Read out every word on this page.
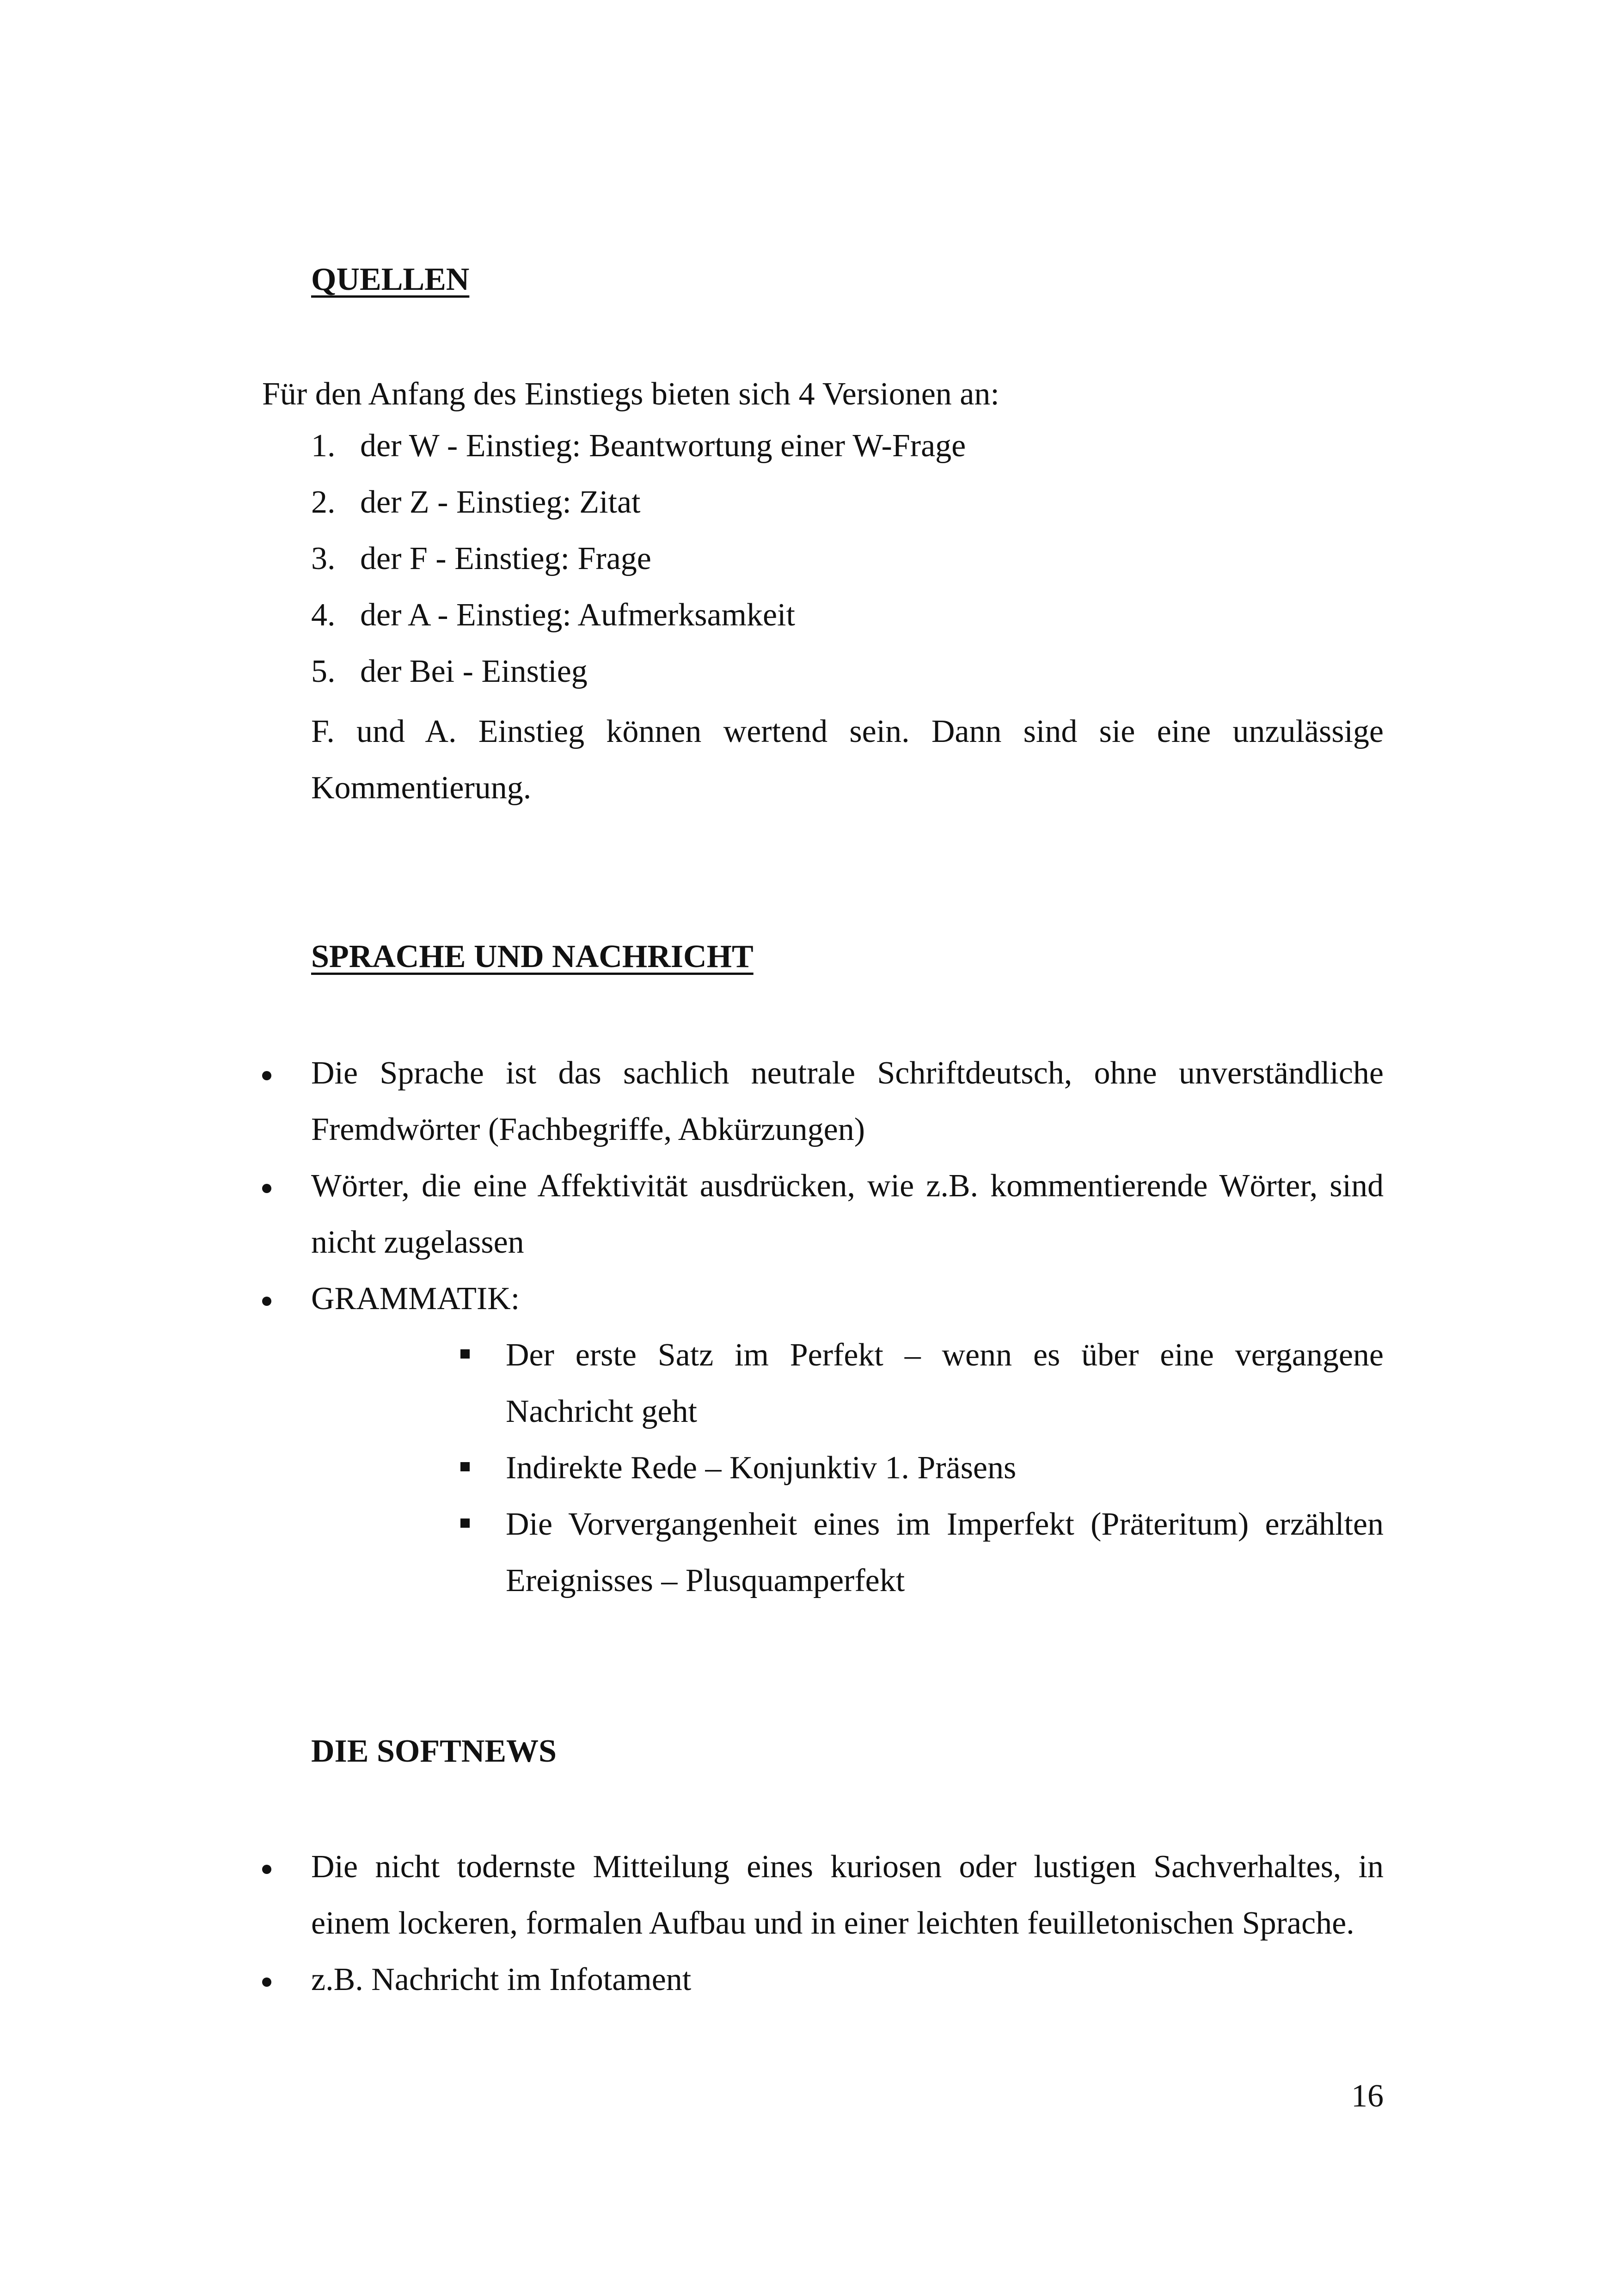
QUELLEN
Für den Anfang des Einstiegs bieten sich 4 Versionen an:
1. der W - Einstieg: Beantwortung einer W-Frage
2. der Z - Einstieg: Zitat
3. der F - Einstieg: Frage
4. der A - Einstieg: Aufmerksamkeit
5. der Bei - Einstieg
F. und A. Einstieg können wertend sein. Dann sind sie eine unzulässige
Kommentierung.
SPRACHE UND NACHRICHT
Die Sprache ist das sachlich neutrale Schriftdeutsch, ohne unverständliche
Fremdwörter (Fachbegriffe, Abkürzungen)
Wörter, die eine Affektivität ausdrücken, wie z.B. kommentierende Wörter, sind
nicht zugelassen
GRAMMATIK:
Der erste Satz im Perfekt – wenn es über eine vergangene
Nachricht geht
Indirekte Rede – Konjunktiv 1. Präsens
Die Vorvergangenheit eines im Imperfekt (Präteritum) erzählten
Ereignisses – Plusquamperfekt
DIE SOFTNEWS
Die nicht todernste Mitteilung eines kuriosen oder lustigen Sachverhaltes, in
einem lockeren, formalen Aufbau und in einer leichten feuilletonischen Sprache.
z.B. Nachricht im Infotament
16
